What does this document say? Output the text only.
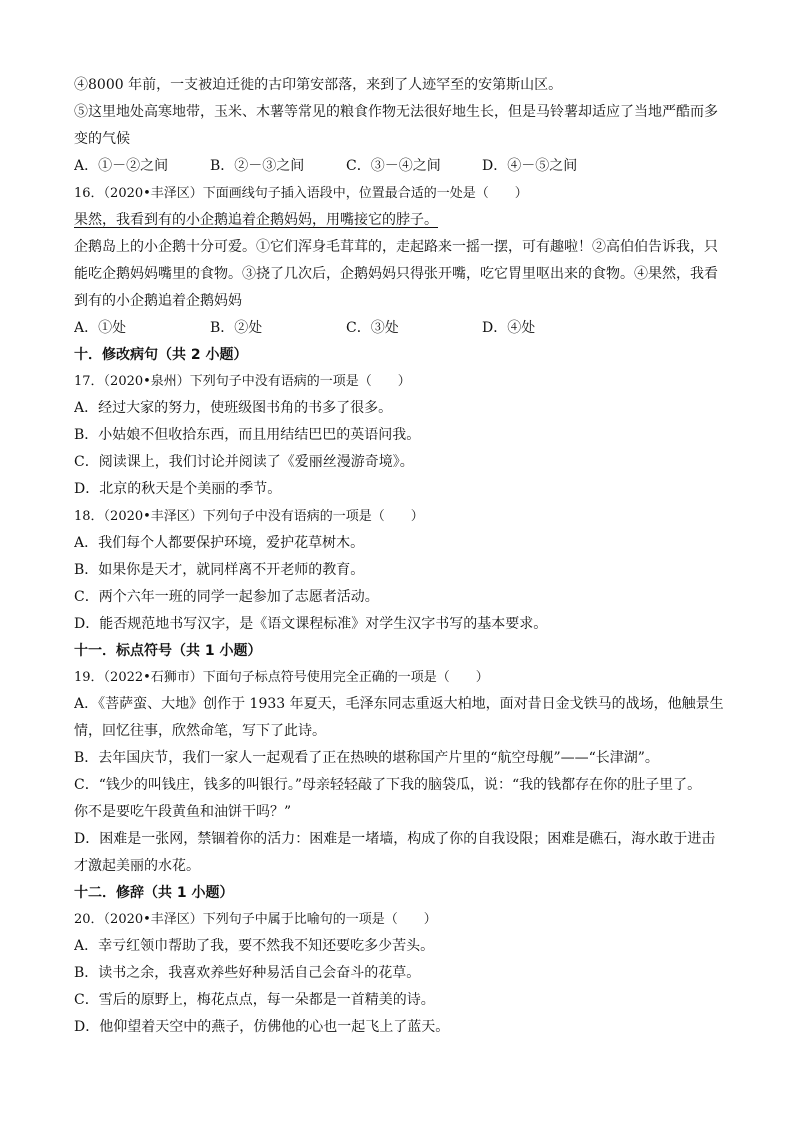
④8000 年前，一支被迫迁徙的古印第安部落，来到了人迹罕至的安第斯山区。
⑤这里地处高寒地带，玉米、木薯等常见的粮食作物无法很好地生长，但是马铃薯却适应了当地严酷而多
变的气候
A．①－②之间	B．②－③之间	C．③－④之间	D．④－⑤之间
16．（2020•丰泽区）下面画线句子插入语段中，位置最合适的一处是（　　）
果然，我看到有的小企鹅追着企鹅妈妈，用嘴接它的脖子。
企鹅岛上的小企鹅十分可爱。①它们浑身毛茸茸的，走起路来一摇一摆，可有趣啦！②高伯伯告诉我，只
能吃企鹅妈妈嘴里的食物。③挠了几次后，企鹅妈妈只得张开嘴，吃它胃里呕出来的食物。④果然，我看
到有的小企鹅追着企鹅妈妈
A．①处	B．②处	C．③处	D．④处
十．修改病句（共 2 小题）
17．（2020•泉州）下列句子中没有语病的一项是（　　）
A．经过大家的努力，使班级图书角的书多了很多。
B．小姑娘不但收拾东西，而且用结结巴巴的英语问我。
C．阅读课上，我们讨论并阅读了《爱丽丝漫游奇境》。
D．北京的秋天是个美丽的季节。
18．（2020•丰泽区）下列句子中没有语病的一项是（　　）
A．我们每个人都要保护环境，爱护花草树木。
B．如果你是天才，就同样离不开老师的教育。
C．两个六年一班的同学一起参加了志愿者活动。
D．能否规范地书写汉字，是《语文课程标准》对学生汉字书写的基本要求。
十一．标点符号（共 1 小题）
19．（2022•石狮市）下面句子标点符号使用完全正确的一项是（　　）
A．《菩萨蛮、大地》创作于 1933 年夏天，毛泽东同志重返大柏地，面对昔日金戈铁马的战场，他触景生
情，回忆往事，欣然命笔，写下了此诗。
B．去年国庆节，我们一家人一起观看了正在热映的堪称国产片里的“航空母舰”——“长津湖”。
C．“钱少的叫钱庄，钱多的叫银行。”母亲轻轻敲了下我的脑袋瓜，说：“我的钱都存在你的肚子里了。
你不是要吃午段黄鱼和油饼干吗？”
D．困难是一张网，禁锢着你的活力：困难是一堵墙，构成了你的自我设限；困难是礁石，海水敢于进击
才激起美丽的水花。
十二．修辞（共 1 小题）
20．（2020•丰泽区）下列句子中属于比喻句的一项是（　　）
A．幸亏红领巾帮助了我，要不然我不知还要吃多少苦头。
B．读书之余，我喜欢养些好种易活自己会奋斗的花草。
C．雪后的原野上，梅花点点，每一朵都是一首精美的诗。
D．他仰望着天空中的燕子，仿佛他的心也一起飞上了蓝天。
